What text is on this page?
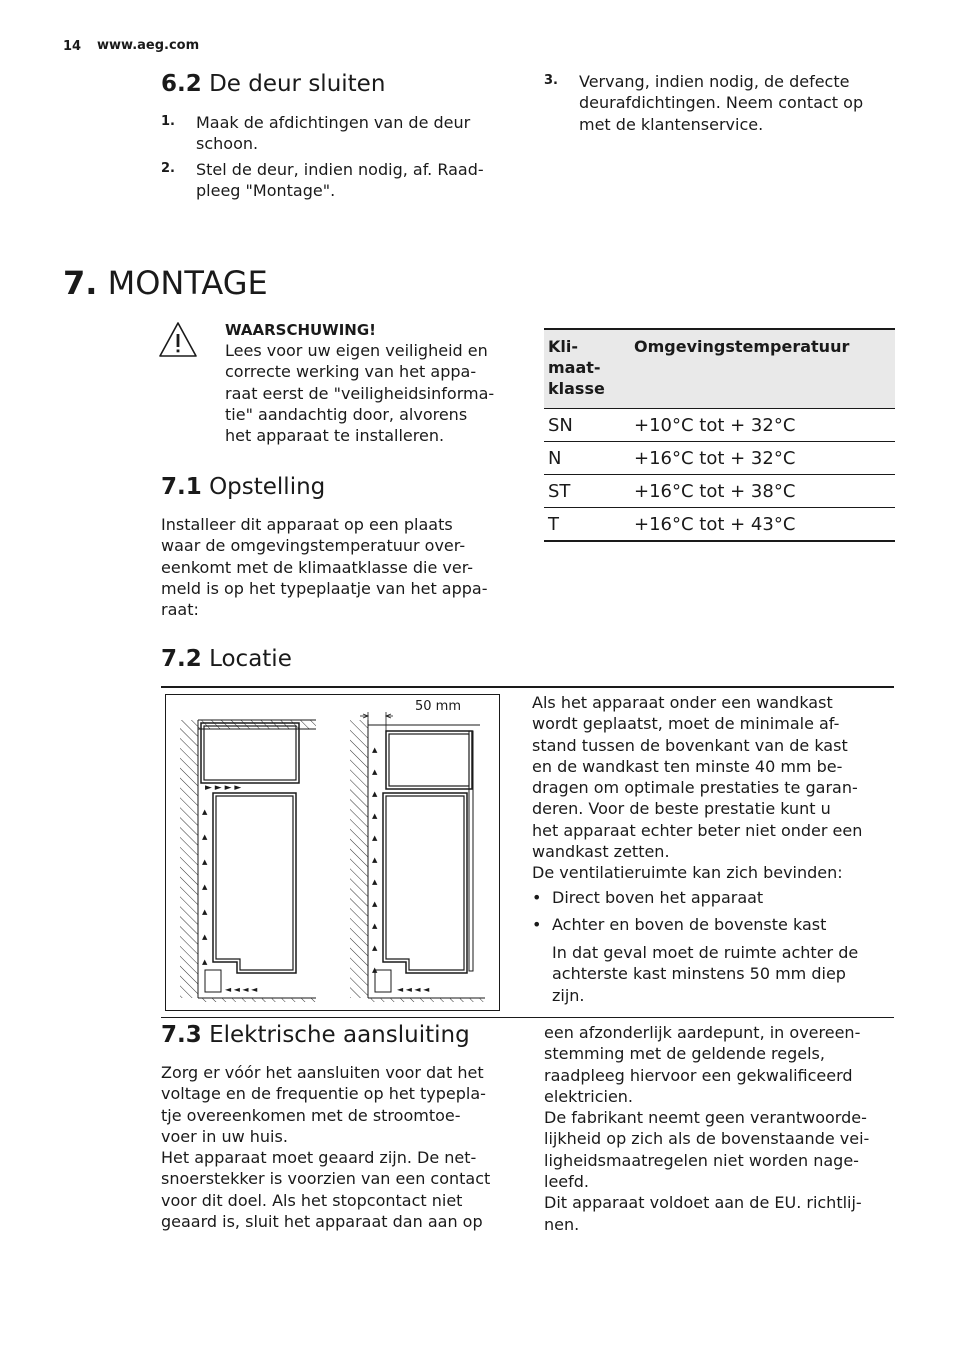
14 www.aeg.com
6.2 De deur sluiten
1. Maak de afdichtingen van de deur
schoon.
2. Stel de deur, indien nodig, af. Raad-
pleeg "Montage".
3. Vervang, indien nodig, de defecte
deurafdichtingen. Neem contact op
met de klantenservice.
7. MONTAGE
WAARSCHUWING!
Lees voor uw eigen veiligheid en
correcte werking van het appa-
raat eerst de "veiligheidsinforma-
tie" aandachtig door, alvorens
het apparaat te installeren.
Kli-
maat-
klasse	Omgevingstemperatuur
SN	+10°C tot + 32°C
N	+16°C tot + 32°C
ST	+16°C tot + 38°C
T	+16°C tot + 43°C
7.1 Opstelling
Installeer dit apparaat op een plaats
waar de omgevingstemperatuur over-
eenkomt met de klimaatklasse die ver-
meld is op het typeplaatje van het appa-
raat:
7.2 Locatie
► ► ► ►
◄ ◄ ◄ ◄
▲
▲
▲
▲
▲
▲
▲
◄ ◄ ◄ ◄
▲
▲
▲
▲
▲
▲
▲
▲
▲
▲
▲
50 mm	Als het apparaat onder een wandkast
wordt geplaatst, moet de minimale af-
stand tussen de bovenkant van de kast
en de wandkast ten minste 40 mm be-
dragen om optimale prestaties te garan-
deren. Voor de beste prestatie kunt u
het apparaat echter beter niet onder een
wandkast zetten.
De ventilatieruimte kan zich bevinden:
• Direct boven het apparaat
• Achter en boven de bovenste kast
In dat geval moet de ruimte achter de
achterste kast minstens 50 mm diep
zijn.
7.3 Elektrische aansluiting
Zorg er vóór het aansluiten voor dat het
voltage en de frequentie op het typepla-
tje overeenkomen met de stroomtoe-
voer in uw huis.
Het apparaat moet geaard zijn. De net-
snoerstekker is voorzien van een contact
voor dit doel. Als het stopcontact niet
geaard is, sluit het apparaat dan aan op
een afzonderlijk aardepunt, in overeen-
stemming met de geldende regels,
raadpleeg hiervoor een gekwalificeerd
elektricien.
De fabrikant neemt geen verantwoorde-
lijkheid op zich als de bovenstaande vei-
ligheidsmaatregelen niet worden nage-
leefd.
Dit apparaat voldoet aan de EU. richtlij-
nen.
